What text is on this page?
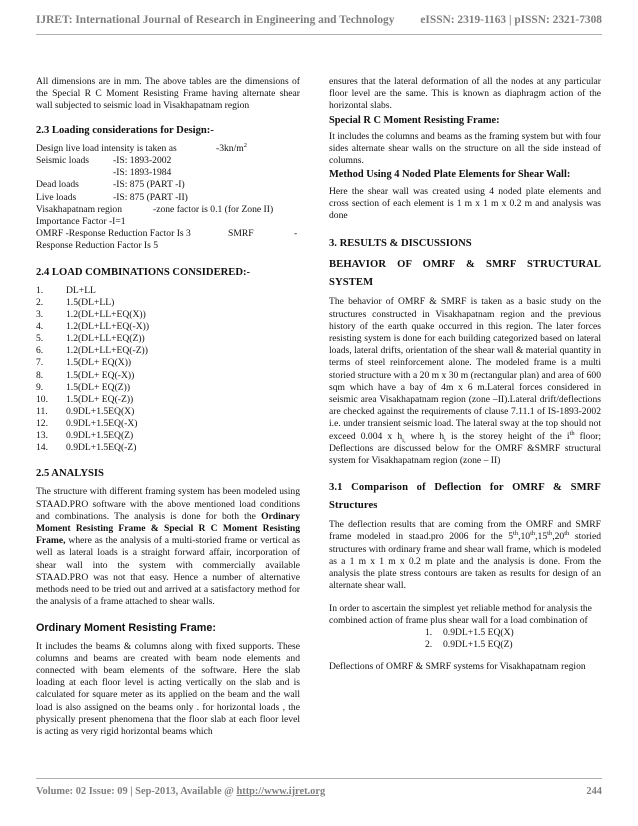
IJRET: International Journal of Research in Engineering and Technology eISSN: 2319-1163 | pISSN: 2321-7308

All dimensions are in mm. The above tables are the dimensions of the Special R C Moment Resisting Frame having alternate shear wall subjected to seismic load in Visakhapatnam region

2.3 Loading considerations for Design:-
Design live load intensity is taken as	$-3kn/m^2$
Seismic loads	-IS: 1893-2002
-IS: 1893-1984
Dead loads	-IS: 875 (PART -I)
Live loads	-IS: 875 (PART -II)
Visakhapatnam region	-zone factor is 0.1 (for Zone II)
Importance Factor -I=1
OMRF -Response Reduction Factor Is 3	SMRF	-
Response Reduction Factor Is 5
2.4 LOAD COMBINATIONS CONSIDERED:-
1.	DL+LL
2.	1.5(DL+LL)
3.	1.2(DL+LL+EQ(X))
4.	1.2(DL+LL+EQ(-X))
5.	1.2(DL+LL+EQ(Z))
6.	1.2(DL+LL+EQ(-Z))
7.	1.5(DL+ EQ(X))
8.	1.5(DL+ EQ(-X))
9.	1.5(DL+ EQ(Z))
10.	1.5(DL+ EQ(-Z))
11.	0.9DL+1.5EQ(X)
12.	0.9DL+1.5EQ(-X)
13.	0.9DL+1.5EQ(Z)
14.	0.9DL+1.5EQ(-Z)
2.5 ANALYSIS

The structure with different framing system has been modeled using STAAD.PRO software with the above mentioned load conditions and combinations. The analysis is done for both the Ordinary Moment Resisting Frame & Special R C Moment Resisting Frame, where as the analysis of a multi-storied frame or vertical as well as lateral loads is a straight forward affair, incorporation of shear wall into the system with commercially available STAAD.PRO was not that easy. Hence a number of alternative methods need to be tried out and arrived at a satisfactory method for the analysis of a frame attached to shear walls.

Ordinary Moment Resisting Frame:

It includes the beams & columns along with fixed supports. These columns and beams are created with beam node elements and connected with beam elements of the software. Here the slab loading at each floor level is acting vertically on the slab and is calculated for square meter as its applied on the beam and the wall load is also assigned on the beams only . for horizontal loads , the physically present phenomena that the floor slab at each floor level is acting as very rigid horizontal beams which

ensures that the lateral deformation of all the nodes at any particular floor level are the same. This is known as diaphragm action of the horizontal slabs.

Special R C Moment Resisting Frame:

It includes the columns and beams as the framing system but with four sides alternate shear walls on the structure on all the side instead of columns.

Method Using 4 Noded Plate Elements for Shear Wall:

Here the shear wall was created using 4 noded plate elements and cross section of each element is 1 m x 1 m x 0.2 m and analysis was done

3. RESULTS & DISCUSSIONS

BEHAVIOR OF OMRF & SMRF STRUCTURAL SYSTEM

The behavior of OMRF & SMRF is taken as a basic study on the structures constructed in Visakhapatnam region and the previous history of the earth quake occurred in this region. The later forces resisting system is done for each building categorized based on lateral loads, lateral drifts, orientation of the shear wall & material quantity in terms of steel reinforcement alone. The modeled frame is a multi storied structure with a 20 m x 30 m (rectangular plan) and area of 600 sqm which have a bay of 4m x 6 m.Lateral forces considered in seismic area Visakhapatnam region (zone –II).Lateral drift/deflections are checked against the requirements of clause 7.11.1 of IS-1893-2002 i.e. under transient seismic load. The lateral sway at the top should not exceed 0.004 x $h_{i,}$ where $h_i$ is the storey height of the $i^{th}$ floor; Deflections are discussed below for the OMRF &SMRF structural system for Visakhapatnam region (zone – II)

3.1 Comparison of Deflection for OMRF & SMRF Structures

The deflection results that are coming from the OMRF and SMRF frame modeled in staad.pro 2006 for the 5th,10th,15th,20th storied structures with ordinary frame and shear wall frame, which is modeled as a 1 m x 1 m x 0.2 m plate and the analysis is done. From the analysis the plate stress contours are taken as results for design of an alternate shear wall.

In order to ascertain the simplest yet reliable method for analysis the combined action of frame plus shear wall for a load combination of

1.	0.9DL+1.5 EQ(X)
2.	0.9DL+1.5 EQ(Z)

Deflections of OMRF & SMRF systems for Visakhapatnam region

Volume: 02 Issue: 09 | Sep-2013, Available @ http://www.ijret.org	244
